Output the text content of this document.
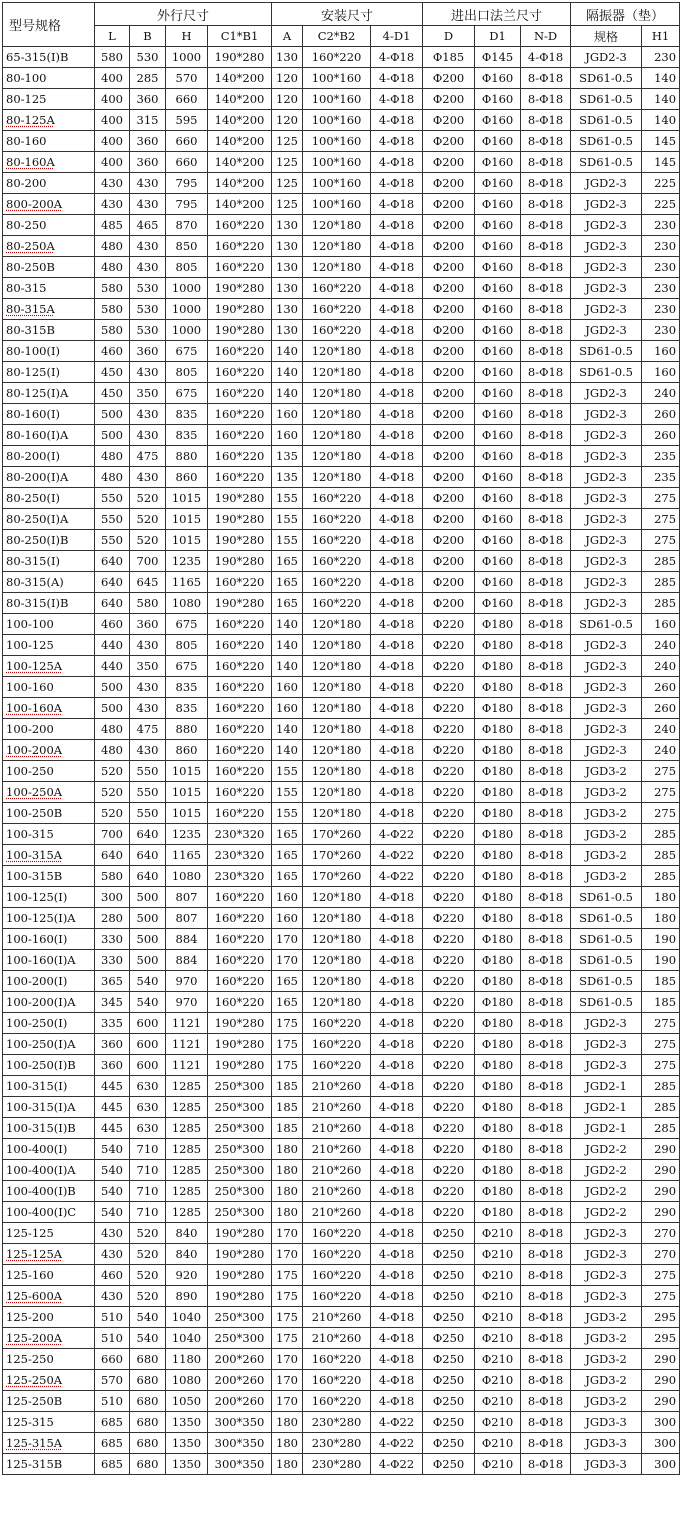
型号规格	外行尺寸				安装尺寸			进出口法兰尺寸			隔振器（垫）	
	L	B	H	C1*B1	A	C2*B2	4-D1	D	D1	N-D	规格	H1
65-315(I)B	580	530	1000	190*280	130	160*220	4-Φ18	Φ185	Φ145	4-Φ18	JGD2-3	230
80-100	400	285	570	140*200	120	100*160	4-Φ18	Φ200	Φ160	8-Φ18	SD61-0.5	140
80-125	400	360	660	140*200	120	100*160	4-Φ18	Φ200	Φ160	8-Φ18	SD61-0.5	140
80-125A	400	315	595	140*200	120	100*160	4-Φ18	Φ200	Φ160	8-Φ18	SD61-0.5	140
80-160	400	360	660	140*200	125	100*160	4-Φ18	Φ200	Φ160	8-Φ18	SD61-0.5	145
80-160A	400	360	660	140*200	125	100*160	4-Φ18	Φ200	Φ160	8-Φ18	SD61-0.5	145
80-200	430	430	795	140*200	125	100*160	4-Φ18	Φ200	Φ160	8-Φ18	JGD2-3	225
800-200A	430	430	795	140*200	125	100*160	4-Φ18	Φ200	Φ160	8-Φ18	JGD2-3	225
80-250	485	465	870	160*220	130	120*180	4-Φ18	Φ200	Φ160	8-Φ18	JGD2-3	230
80-250A	480	430	850	160*220	130	120*180	4-Φ18	Φ200	Φ160	8-Φ18	JGD2-3	230
80-250B	480	430	805	160*220	130	120*180	4-Φ18	Φ200	Φ160	8-Φ18	JGD2-3	230
80-315	580	530	1000	190*280	130	160*220	4-Φ18	Φ200	Φ160	8-Φ18	JGD2-3	230
80-315A	580	530	1000	190*280	130	160*220	4-Φ18	Φ200	Φ160	8-Φ18	JGD2-3	230
80-315B	580	530	1000	190*280	130	160*220	4-Φ18	Φ200	Φ160	8-Φ18	JGD2-3	230
80-100(I)	460	360	675	160*220	140	120*180	4-Φ18	Φ200	Φ160	8-Φ18	SD61-0.5	160
80-125(I)	450	430	805	160*220	140	120*180	4-Φ18	Φ200	Φ160	8-Φ18	SD61-0.5	160
80-125(I)A	450	350	675	160*220	140	120*180	4-Φ18	Φ200	Φ160	8-Φ18	JGD2-3	240
80-160(I)	500	430	835	160*220	160	120*180	4-Φ18	Φ200	Φ160	8-Φ18	JGD2-3	260
80-160(I)A	500	430	835	160*220	160	120*180	4-Φ18	Φ200	Φ160	8-Φ18	JGD2-3	260
80-200(I)	480	475	880	160*220	135	120*180	4-Φ18	Φ200	Φ160	8-Φ18	JGD2-3	235
80-200(I)A	480	430	860	160*220	135	120*180	4-Φ18	Φ200	Φ160	8-Φ18	JGD2-3	235
80-250(I)	550	520	1015	190*280	155	160*220	4-Φ18	Φ200	Φ160	8-Φ18	JGD2-3	275
80-250(I)A	550	520	1015	190*280	155	160*220	4-Φ18	Φ200	Φ160	8-Φ18	JGD2-3	275
80-250(I)B	550	520	1015	190*280	155	160*220	4-Φ18	Φ200	Φ160	8-Φ18	JGD2-3	275
80-315(I)	640	700	1235	190*280	165	160*220	4-Φ18	Φ200	Φ160	8-Φ18	JGD2-3	285
80-315(A)	640	645	1165	160*220	165	160*220	4-Φ18	Φ200	Φ160	8-Φ18	JGD2-3	285
80-315(I)B	640	580	1080	190*280	165	160*220	4-Φ18	Φ200	Φ160	8-Φ18	JGD2-3	285
100-100	460	360	675	160*220	140	120*180	4-Φ18	Φ220	Φ180	8-Φ18	SD61-0.5	160
100-125	440	430	805	160*220	140	120*180	4-Φ18	Φ220	Φ180	8-Φ18	JGD2-3	240
100-125A	440	350	675	160*220	140	120*180	4-Φ18	Φ220	Φ180	8-Φ18	JGD2-3	240
100-160	500	430	835	160*220	160	120*180	4-Φ18	Φ220	Φ180	8-Φ18	JGD2-3	260
100-160A	500	430	835	160*220	160	120*180	4-Φ18	Φ220	Φ180	8-Φ18	JGD2-3	260
100-200	480	475	880	160*220	140	120*180	4-Φ18	Φ220	Φ180	8-Φ18	JGD2-3	240
100-200A	480	430	860	160*220	140	120*180	4-Φ18	Φ220	Φ180	8-Φ18	JGD2-3	240
100-250	520	550	1015	160*220	155	120*180	4-Φ18	Φ220	Φ180	8-Φ18	JGD3-2	275
100-250A	520	550	1015	160*220	155	120*180	4-Φ18	Φ220	Φ180	8-Φ18	JGD3-2	275
100-250B	520	550	1015	160*220	155	120*180	4-Φ18	Φ220	Φ180	8-Φ18	JGD3-2	275
100-315	700	640	1235	230*320	165	170*260	4-Φ22	Φ220	Φ180	8-Φ18	JGD3-2	285
100-315A	640	640	1165	230*320	165	170*260	4-Φ22	Φ220	Φ180	8-Φ18	JGD3-2	285
100-315B	580	640	1080	230*320	165	170*260	4-Φ22	Φ220	Φ180	8-Φ18	JGD3-2	285
100-125(I)	300	500	807	160*220	160	120*180	4-Φ18	Φ220	Φ180	8-Φ18	SD61-0.5	180
100-125(I)A	280	500	807	160*220	160	120*180	4-Φ18	Φ220	Φ180	8-Φ18	SD61-0.5	180
100-160(I)	330	500	884	160*220	170	120*180	4-Φ18	Φ220	Φ180	8-Φ18	SD61-0.5	190
100-160(I)A	330	500	884	160*220	170	120*180	4-Φ18	Φ220	Φ180	8-Φ18	SD61-0.5	190
100-200(I)	365	540	970	160*220	165	120*180	4-Φ18	Φ220	Φ180	8-Φ18	SD61-0.5	185
100-200(I)A	345	540	970	160*220	165	120*180	4-Φ18	Φ220	Φ180	8-Φ18	SD61-0.5	185
100-250(I)	335	600	1121	190*280	175	160*220	4-Φ18	Φ220	Φ180	8-Φ18	JGD2-3	275
100-250(I)A	360	600	1121	190*280	175	160*220	4-Φ18	Φ220	Φ180	8-Φ18	JGD2-3	275
100-250(I)B	360	600	1121	190*280	175	160*220	4-Φ18	Φ220	Φ180	8-Φ18	JGD2-3	275
100-315(I)	445	630	1285	250*300	185	210*260	4-Φ18	Φ220	Φ180	8-Φ18	JGD2-1	285
100-315(I)A	445	630	1285	250*300	185	210*260	4-Φ18	Φ220	Φ180	8-Φ18	JGD2-1	285
100-315(I)B	445	630	1285	250*300	185	210*260	4-Φ18	Φ220	Φ180	8-Φ18	JGD2-1	285
100-400(I)	540	710	1285	250*300	180	210*260	4-Φ18	Φ220	Φ180	8-Φ18	JGD2-2	290
100-400(I)A	540	710	1285	250*300	180	210*260	4-Φ18	Φ220	Φ180	8-Φ18	JGD2-2	290
100-400(I)B	540	710	1285	250*300	180	210*260	4-Φ18	Φ220	Φ180	8-Φ18	JGD2-2	290
100-400(I)C	540	710	1285	250*300	180	210*260	4-Φ18	Φ220	Φ180	8-Φ18	JGD2-2	290
125-125	430	520	840	190*280	170	160*220	4-Φ18	Φ250	Φ210	8-Φ18	JGD2-3	270
125-125A	430	520	840	190*280	170	160*220	4-Φ18	Φ250	Φ210	8-Φ18	JGD2-3	270
125-160	460	520	920	190*280	175	160*220	4-Φ18	Φ250	Φ210	8-Φ18	JGD2-3	275
125-600A	430	520	890	190*280	175	160*220	4-Φ18	Φ250	Φ210	8-Φ18	JGD2-3	275
125-200	510	540	1040	250*300	175	210*260	4-Φ18	Φ250	Φ210	8-Φ18	JGD3-2	295
125-200A	510	540	1040	250*300	175	210*260	4-Φ18	Φ250	Φ210	8-Φ18	JGD3-2	295
125-250	660	680	1180	200*260	170	160*220	4-Φ18	Φ250	Φ210	8-Φ18	JGD3-2	290
125-250A	570	680	1080	200*260	170	160*220	4-Φ18	Φ250	Φ210	8-Φ18	JGD3-2	290
125-250B	510	680	1050	200*260	170	160*220	4-Φ18	Φ250	Φ210	8-Φ18	JGD3-2	290
125-315	685	680	1350	300*350	180	230*280	4-Φ22	Φ250	Φ210	8-Φ18	JGD3-3	300
125-315A	685	680	1350	300*350	180	230*280	4-Φ22	Φ250	Φ210	8-Φ18	JGD3-3	300
125-315B	685	680	1350	300*350	180	230*280	4-Φ22	Φ250	Φ210	8-Φ18	JGD3-3	300
